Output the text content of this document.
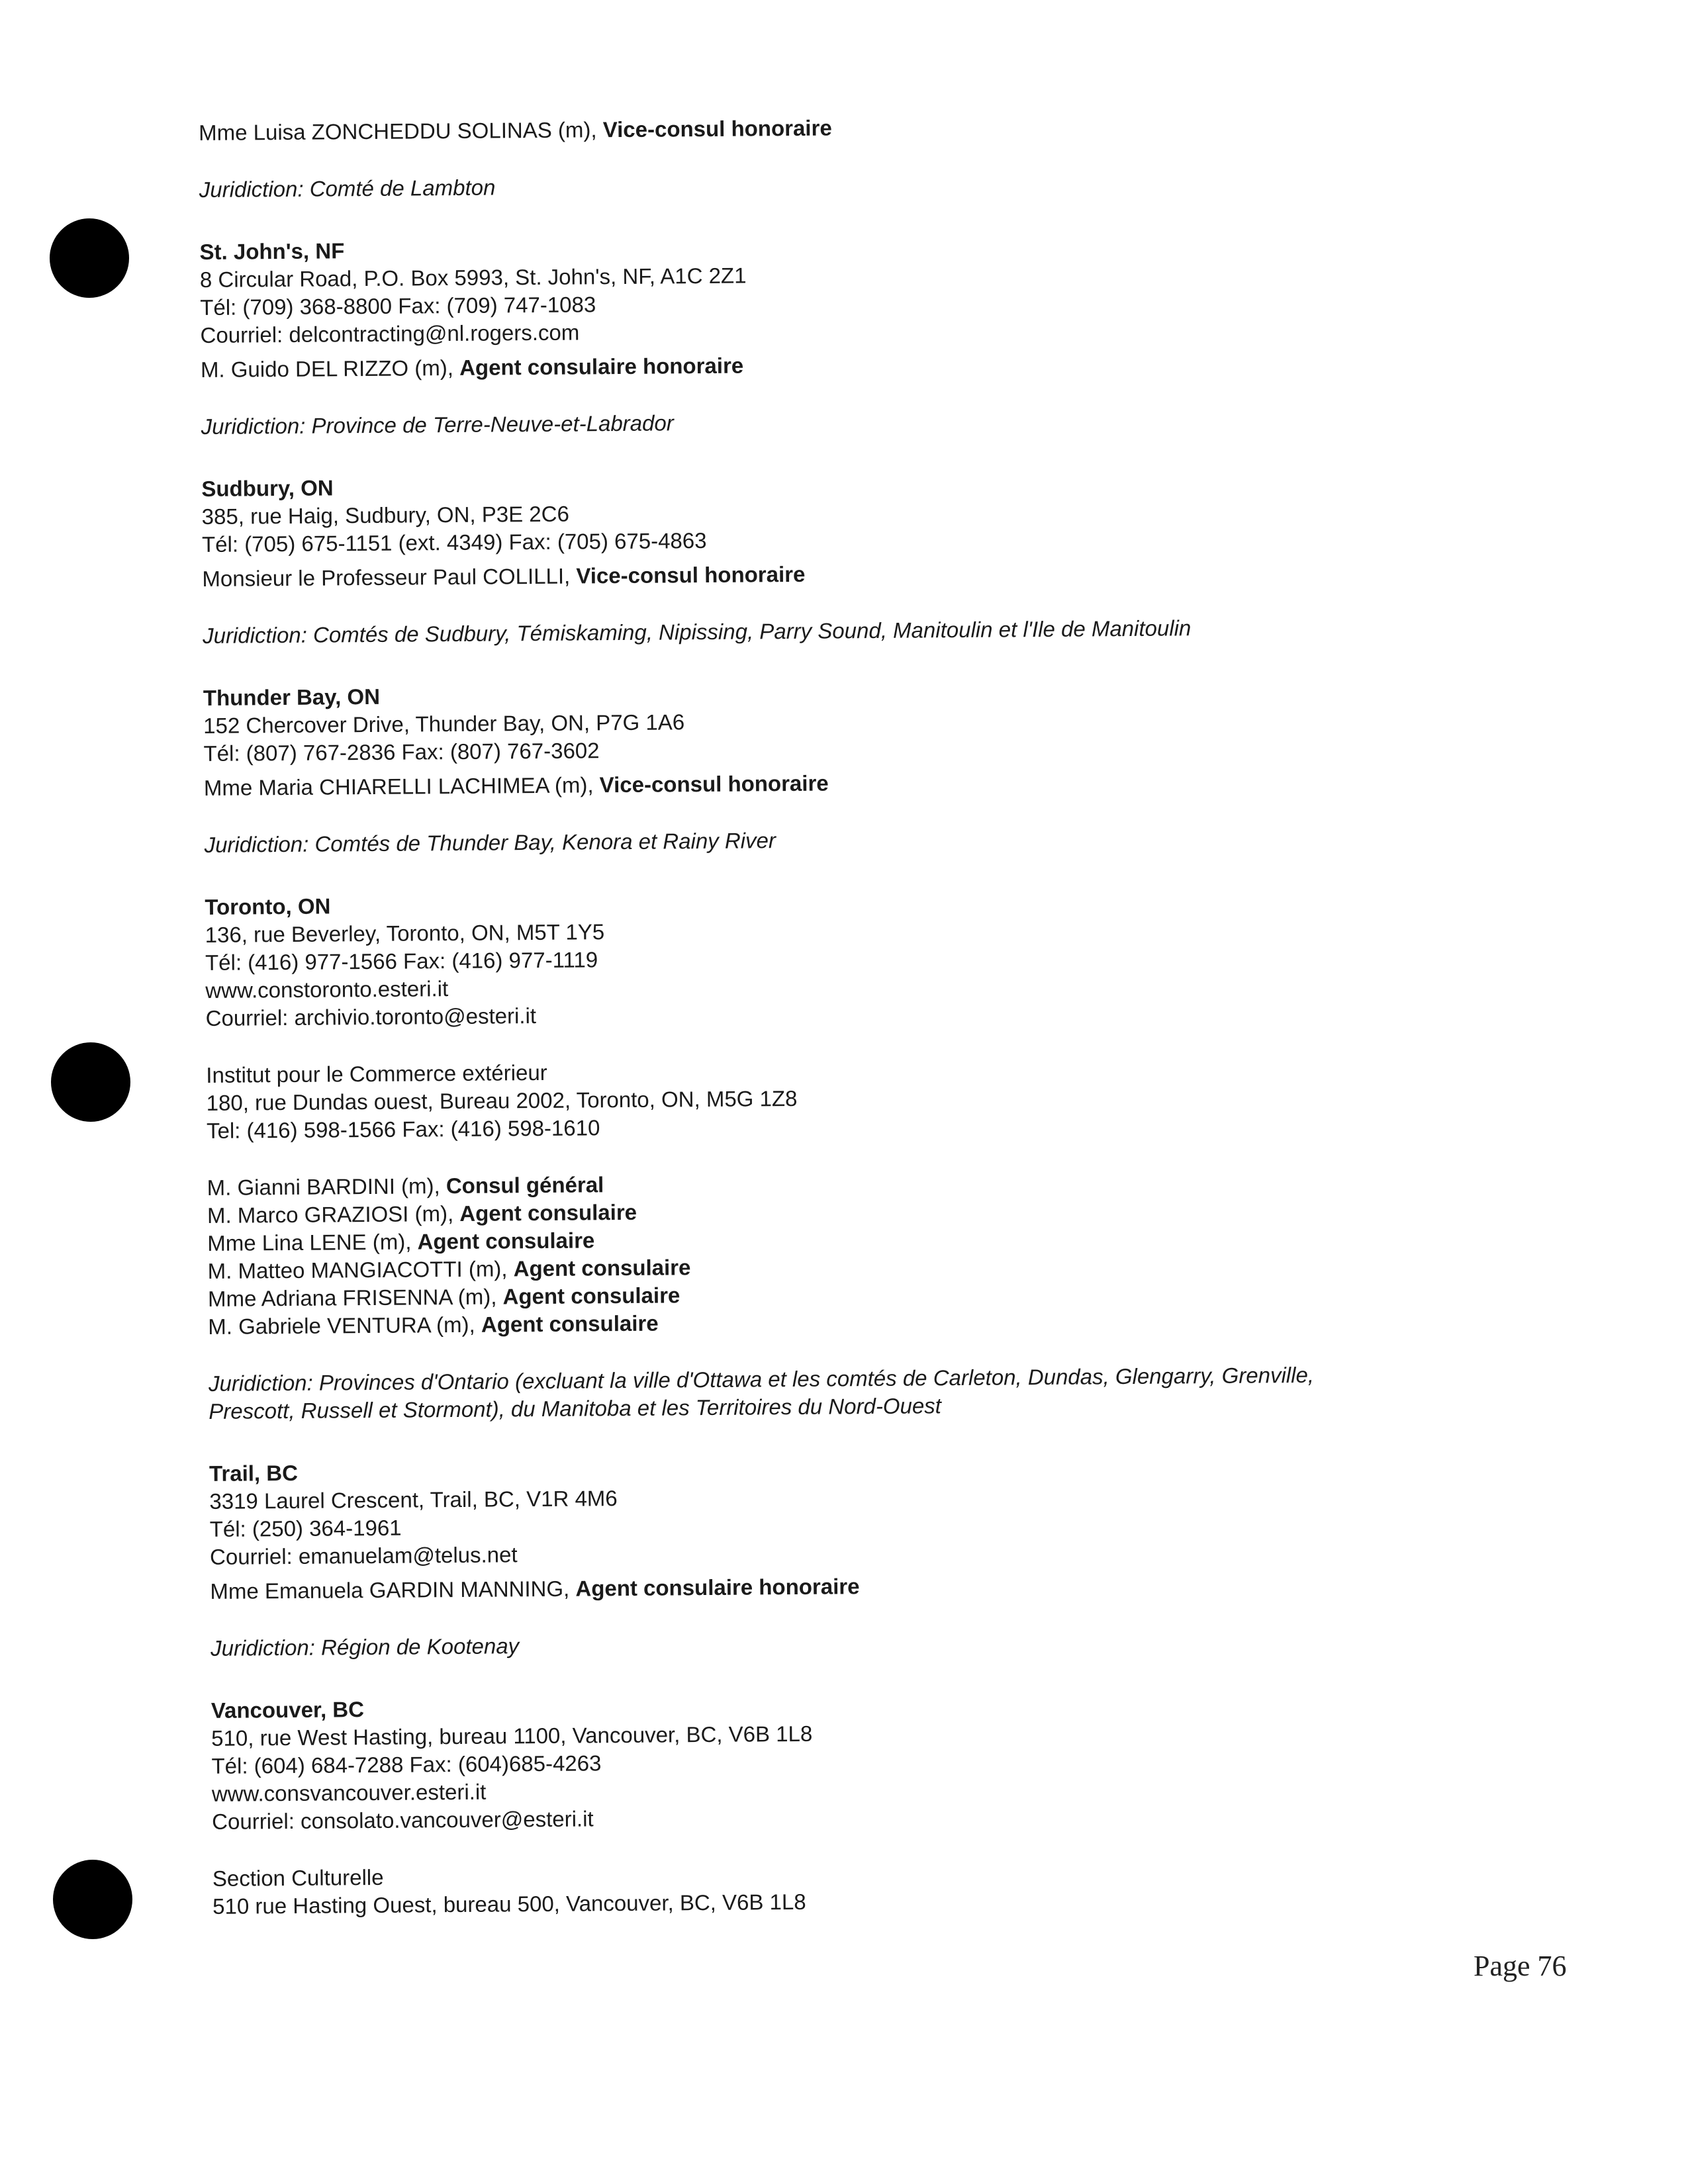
Mme Luisa ZONCHEDDU SOLINAS (m), Vice-consul honoraire
Juridiction: Comté de Lambton
St. John's, NF
8 Circular Road, P.O. Box 5993, St. John's, NF, A1C 2Z1
Tél: (709) 368-8800 Fax: (709) 747-1083
Courriel: delcontracting@nl.rogers.com
M. Guido DEL RIZZO (m), Agent consulaire honoraire
Juridiction: Province de Terre-Neuve-et-Labrador
Sudbury, ON
385, rue Haig, Sudbury, ON, P3E 2C6
Tél: (705) 675-1151 (ext. 4349) Fax: (705) 675-4863
Monsieur le Professeur Paul COLILLI, Vice-consul honoraire
Juridiction: Comtés de Sudbury, Témiskaming, Nipissing, Parry Sound, Manitoulin et l'Ile de Manitoulin
Thunder Bay, ON
152 Chercover Drive, Thunder Bay, ON, P7G 1A6
Tél: (807) 767-2836 Fax: (807) 767-3602
Mme Maria CHIARELLI LACHIMEA (m), Vice-consul honoraire
Juridiction: Comtés de Thunder Bay, Kenora et Rainy River
Toronto, ON
136, rue Beverley, Toronto, ON, M5T 1Y5
Tél: (416) 977-1566 Fax: (416) 977-1119
www.constoronto.esteri.it
Courriel: archivio.toronto@esteri.it
Institut pour le Commerce extérieur
180, rue Dundas ouest, Bureau 2002, Toronto, ON, M5G 1Z8
Tel: (416) 598-1566 Fax: (416) 598-1610
M. Gianni BARDINI (m), Consul général
M. Marco GRAZIOSI (m), Agent consulaire
Mme Lina LENE (m), Agent consulaire
M. Matteo MANGIACOTTI (m), Agent consulaire
Mme Adriana FRISENNA (m), Agent consulaire
M. Gabriele VENTURA (m), Agent consulaire
Juridiction: Provinces d'Ontario (excluant la ville d'Ottawa et les comtés de Carleton, Dundas, Glengarry, Grenville,
Prescott, Russell et Stormont), du Manitoba et les Territoires du Nord-Ouest
Trail, BC
3319 Laurel Crescent, Trail, BC, V1R 4M6
Tél: (250) 364-1961
Courriel: emanuelam@telus.net
Mme Emanuela GARDIN MANNING, Agent consulaire honoraire
Juridiction: Région de Kootenay
Vancouver, BC
510, rue West Hasting, bureau 1100, Vancouver, BC, V6B 1L8
Tél: (604) 684-7288 Fax: (604)685-4263
www.consvancouver.esteri.it
Courriel: consolato.vancouver@esteri.it
Section Culturelle
510 rue Hasting Ouest, bureau 500, Vancouver, BC, V6B 1L8
Page 76
